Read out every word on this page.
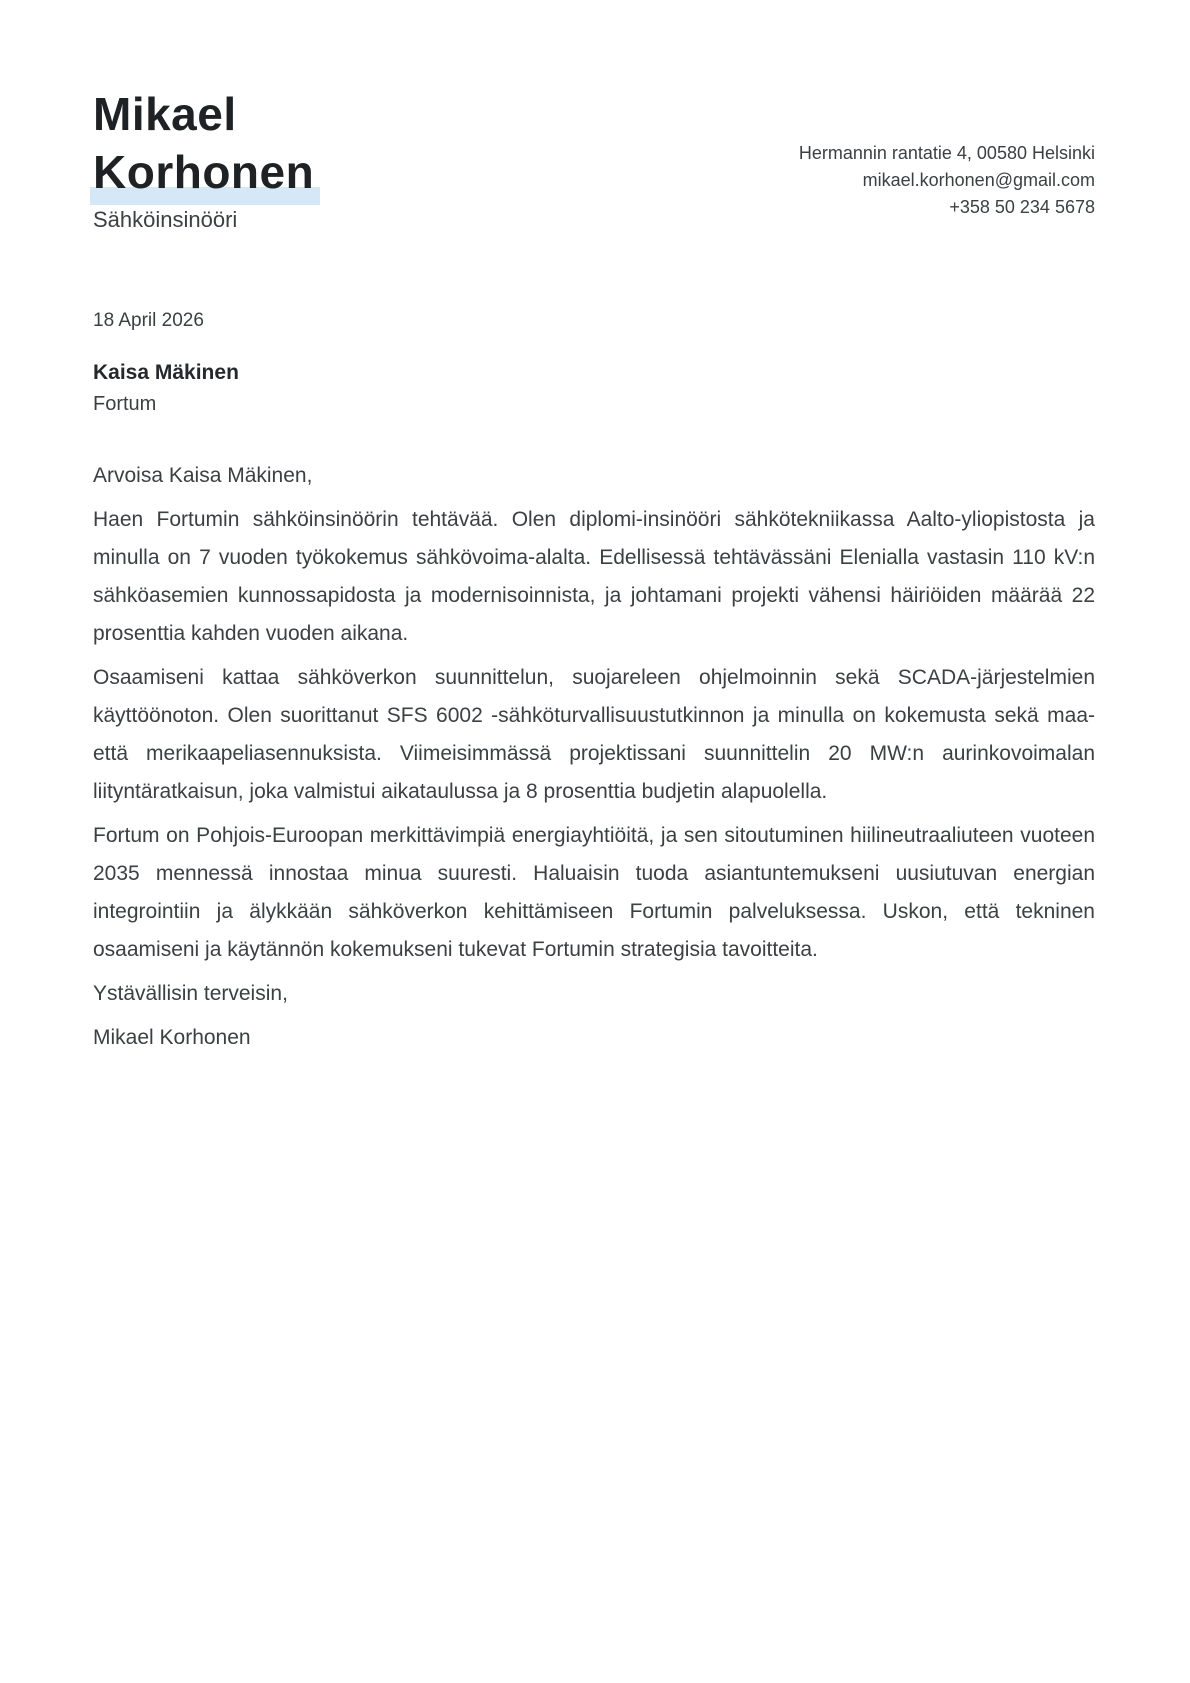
Mikael

Korhonen
Sähköinsinööri
Hermannin rantatie 4, 00580 Helsinki
mikael.korhonen@gmail.com
+358 50 234 5678
18 April 2026
Kaisa Mäkinen
Fortum

Arvoisa Kaisa Mäkinen,

Haen Fortumin sähköinsinöörin tehtävää. Olen diplomi-insinööri sähkötekniikassa Aalto-yliopistosta ja minulla on 7 vuoden työkokemus sähkövoima-alalta. Edellisessä tehtävässäni Elenialla vastasin 110 kV:n sähköasemien kunnossapidosta ja modernisoinnista, ja johtamani projekti vähensi häiriöiden määrää 22 prosenttia kahden vuoden aikana.

Osaamiseni kattaa sähköverkon suunnittelun, suojareleen ohjelmoinnin sekä SCADA-järjestelmien käyttöönoton. Olen suorittanut SFS 6002 -sähköturvallisuustutkinnon ja minulla on kokemusta sekä maa- että merikaapeliasennuksista. Viimeisimmässä projektissani suunnittelin 20 MW:n aurinkovoimalan liityntäratkaisun, joka valmistui aikataulussa ja 8 prosenttia budjetin alapuolella.

Fortum on Pohjois-Euroopan merkittävimpiä energiayhtiöitä, ja sen sitoutuminen hiilineutraaliuteen vuoteen 2035 mennessä innostaa minua suuresti. Haluaisin tuoda asiantuntemukseni uusiutuvan energian integrointiin ja älykkään sähköverkon kehittämiseen Fortumin palveluksessa. Uskon, että tekninen osaamiseni ja käytännön kokemukseni tukevat Fortumin strategisia tavoitteita.

Ystävällisin terveisin,

Mikael Korhonen
